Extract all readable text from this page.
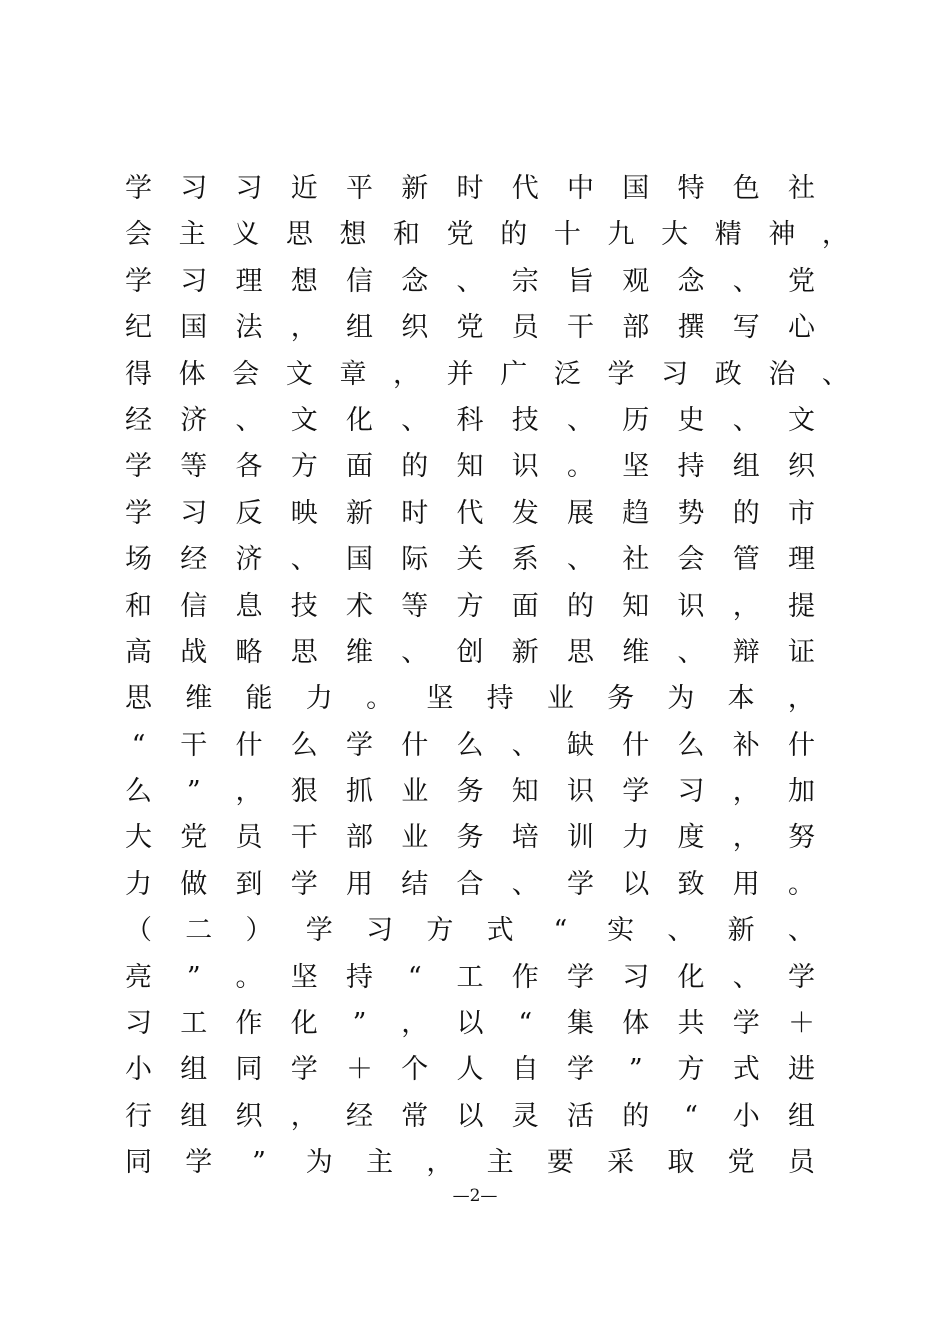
学 习 习 近 平 新 时 代 中 国 特 色 社
会 主 义 思 想 和 党 的 十 九 大 精 神 ，
学 习 理 想 信 念 、 宗 旨 观 念 、 党
纪 国 法 ， 组 织 党 员 干 部 撰 写 心
得 体 会 文 章 ， 并 广 泛 学 习 政 治 、
经 济 、 文 化 、 科 技 、 历 史 、 文
学 等 各 方 面 的 知 识 。 坚 持 组 织
学 习 反 映 新 时 代 发 展 趋 势 的 市
场 经 济 、 国 际 关 系 、 社 会 管 理
和 信 息 技 术 等 方 面 的 知 识 ， 提
高 战 略 思 维 、 创 新 思 维 、 辩 证
思 维 能 力 。 坚 持 业 务 为 本 ，
“ 干 什 么 学 什 么 、 缺 什 么 补 什
么 ” ， 狠 抓 业 务 知 识 学 习 ， 加
大 党 员 干 部 业 务 培 训 力 度 ， 努
力 做 到 学 用 结 合 、 学 以 致 用 。
（ 二 ） 学 习 方 式 “ 实 、 新 、
亮 ” 。 坚 持 “ 工 作 学 习 化 、 学
习 工 作 化 ” ， 以 “ 集 体 共 学 ＋
小 组 同 学 ＋ 个 人 自 学 ” 方 式 进
行 组 织 ， 经 常 以 灵 活 的 “ 小 组
同 学 ” 为 主 ， 主 要 采 取 党 员
—2—
